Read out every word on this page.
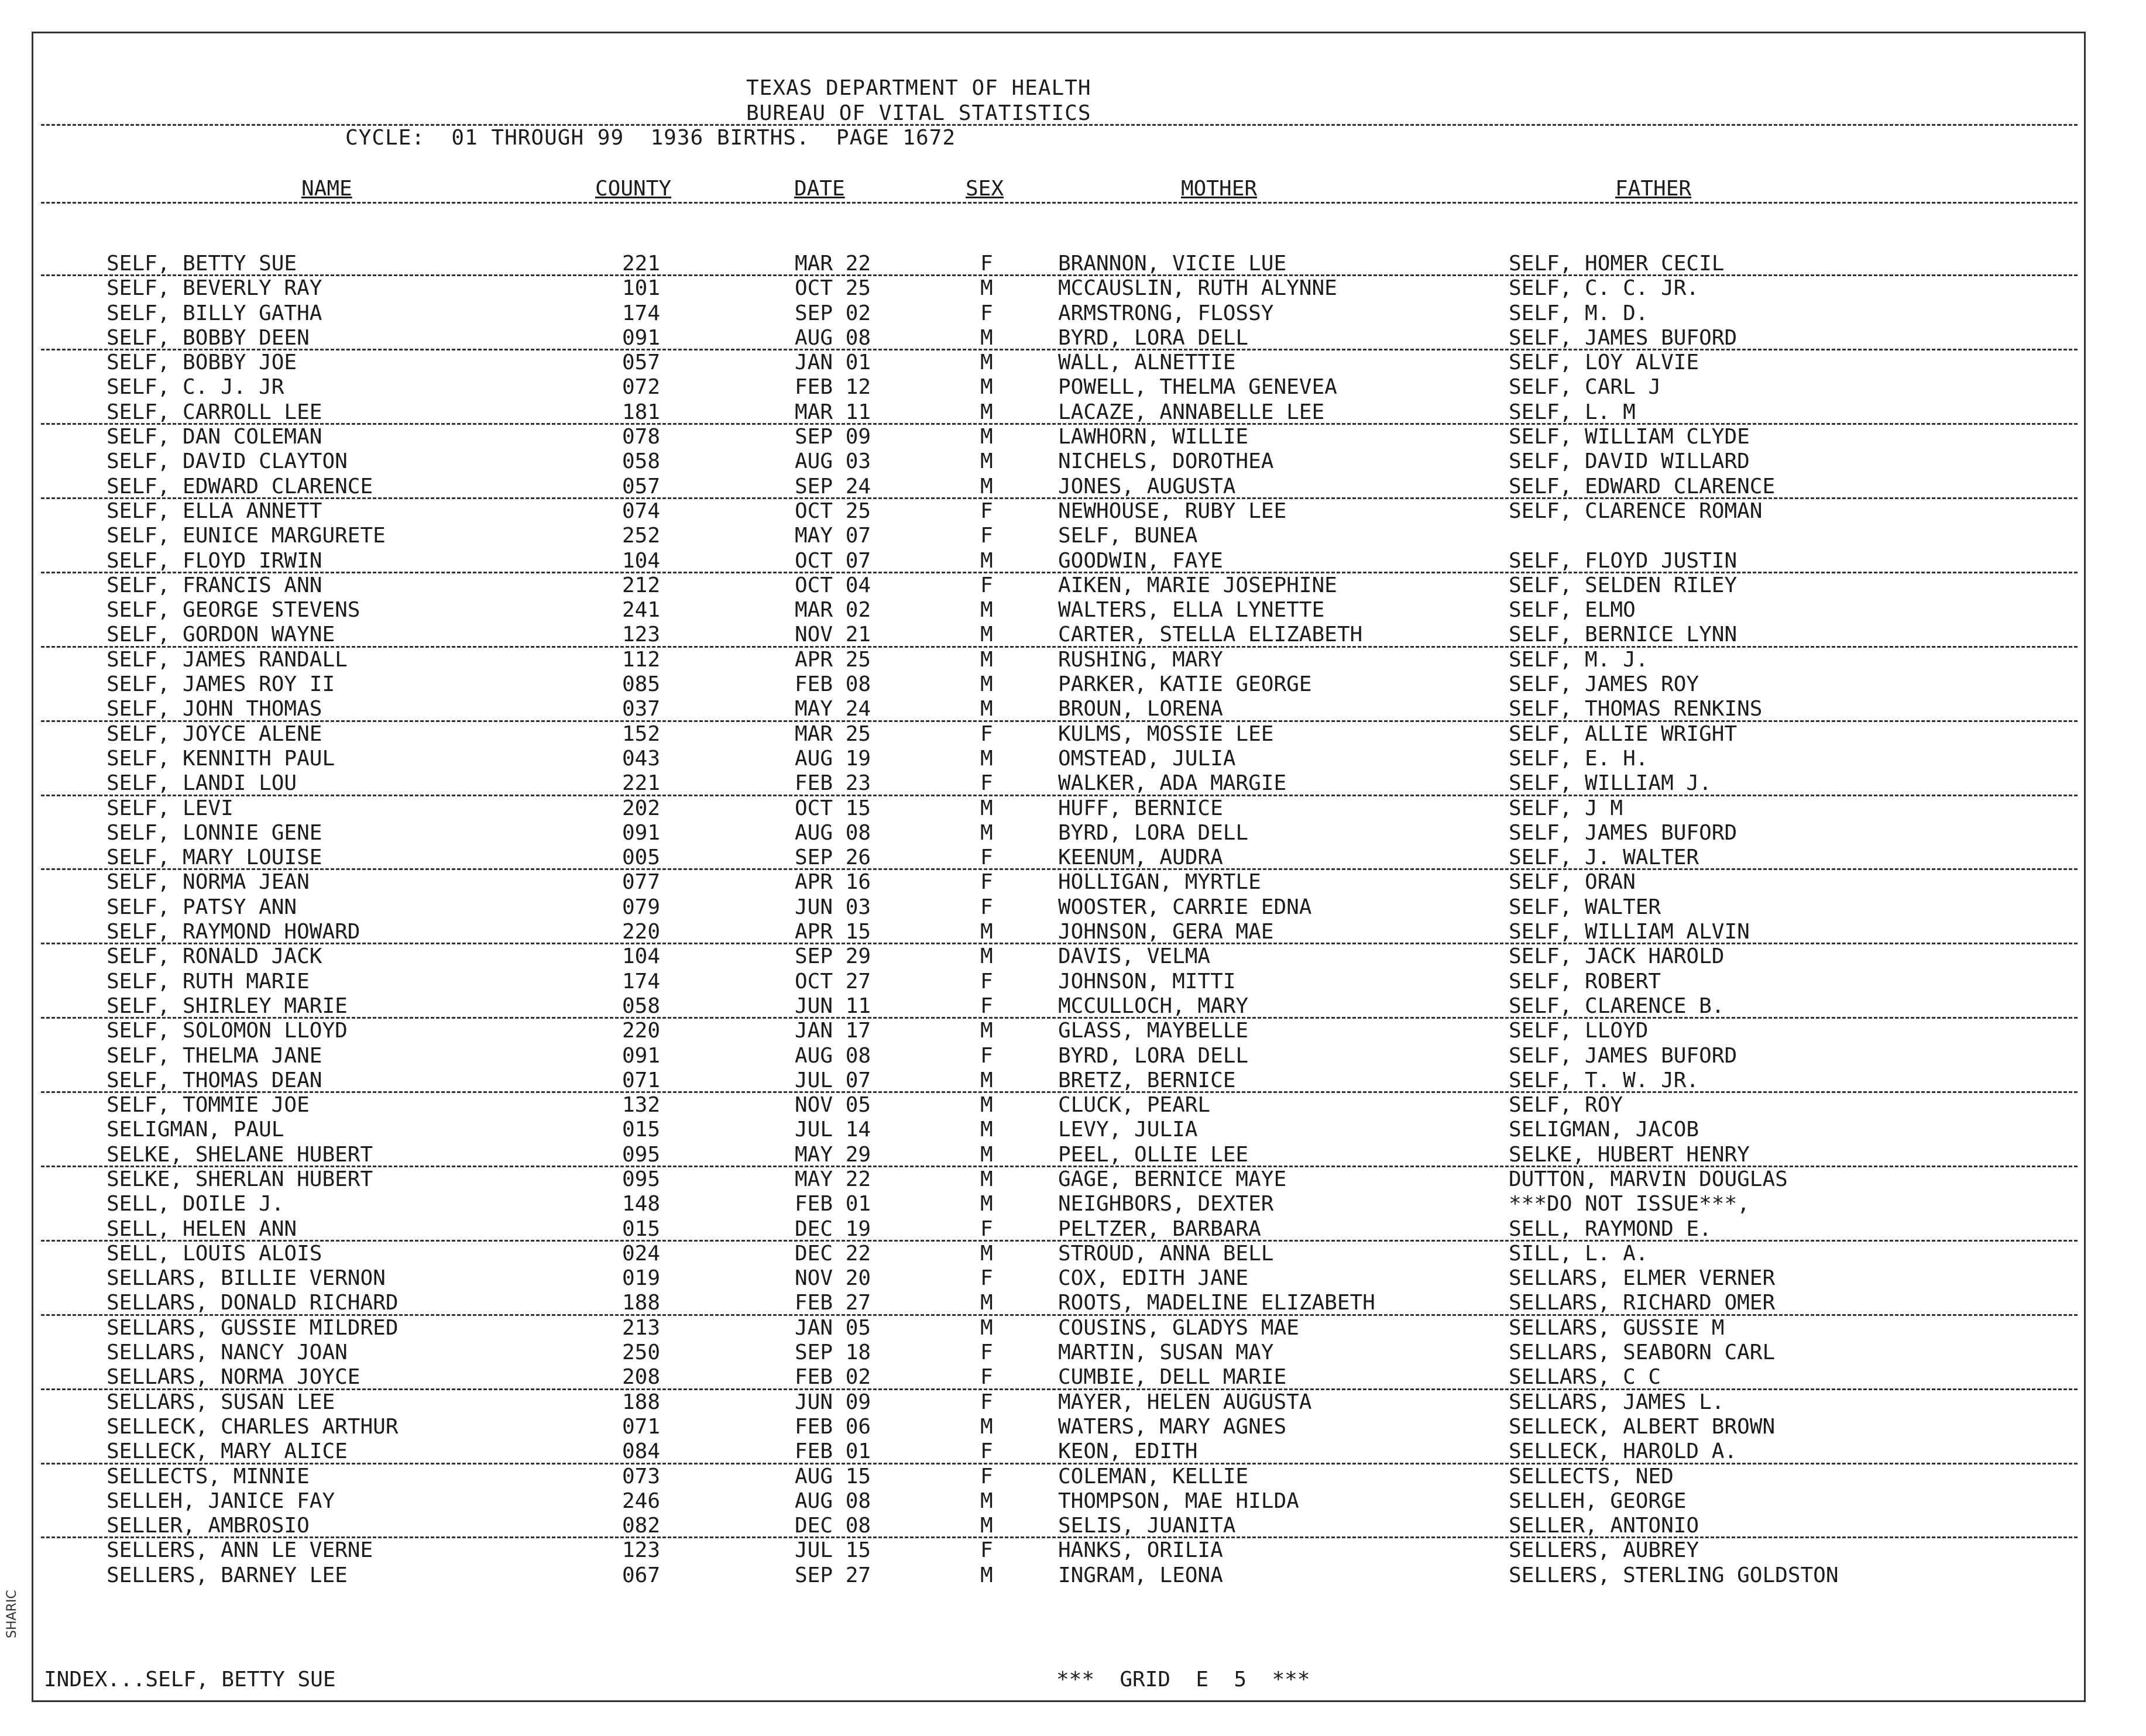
TEXAS DEPARTMENT OF HEALTH
BUREAU OF VITAL STATISTICS
CYCLE:  01 THROUGH 99  1936 BIRTHS.  PAGE 1672
NAME	COUNTY	DATE	SEX	MOTHER	FATHER
SELF, BETTY SUE	221	MAR 22	F	BRANNON, VICIE LUE	SELF, HOMER CECIL
SELF, BEVERLY RAY	101	OCT 25	M	MCCAUSLIN, RUTH ALYNNE	SELF, C. C. JR.
SELF, BILLY GATHA	174	SEP 02	F	ARMSTRONG, FLOSSY	SELF, M. D.
SELF, BOBBY DEEN	091	AUG 08	M	BYRD, LORA DELL	SELF, JAMES BUFORD
SELF, BOBBY JOE	057	JAN 01	M	WALL, ALNETTIE	SELF, LOY ALVIE
SELF, C. J. JR	072	FEB 12	M	POWELL, THELMA GENEVEA	SELF, CARL J
SELF, CARROLL LEE	181	MAR 11	M	LACAZE, ANNABELLE LEE	SELF, L. M
SELF, DAN COLEMAN	078	SEP 09	M	LAWHORN, WILLIE	SELF, WILLIAM CLYDE
SELF, DAVID CLAYTON	058	AUG 03	M	NICHELS, DOROTHEA	SELF, DAVID WILLARD
SELF, EDWARD CLARENCE	057	SEP 24	M	JONES, AUGUSTA	SELF, EDWARD CLARENCE
SELF, ELLA ANNETT	074	OCT 25	F	NEWHOUSE, RUBY LEE	SELF, CLARENCE ROMAN
SELF, EUNICE MARGURETE	252	MAY 07	F	SELF, BUNEA
SELF, FLOYD IRWIN	104	OCT 07	M	GOODWIN, FAYE	SELF, FLOYD JUSTIN
SELF, FRANCIS ANN	212	OCT 04	F	AIKEN, MARIE JOSEPHINE	SELF, SELDEN RILEY
SELF, GEORGE STEVENS	241	MAR 02	M	WALTERS, ELLA LYNETTE	SELF, ELMO
SELF, GORDON WAYNE	123	NOV 21	M	CARTER, STELLA ELIZABETH	SELF, BERNICE LYNN
SELF, JAMES RANDALL	112	APR 25	M	RUSHING, MARY	SELF, M. J.
SELF, JAMES ROY II	085	FEB 08	M	PARKER, KATIE GEORGE	SELF, JAMES ROY
SELF, JOHN THOMAS	037	MAY 24	M	BROUN, LORENA	SELF, THOMAS RENKINS
SELF, JOYCE ALENE	152	MAR 25	F	KULMS, MOSSIE LEE	SELF, ALLIE WRIGHT
SELF, KENNITH PAUL	043	AUG 19	M	OMSTEAD, JULIA	SELF, E. H.
SELF, LANDI LOU	221	FEB 23	F	WALKER, ADA MARGIE	SELF, WILLIAM J.
SELF, LEVI	202	OCT 15	M	HUFF, BERNICE	SELF, J M
SELF, LONNIE GENE	091	AUG 08	M	BYRD, LORA DELL	SELF, JAMES BUFORD
SELF, MARY LOUISE	005	SEP 26	F	KEENUM, AUDRA	SELF, J. WALTER
SELF, NORMA JEAN	077	APR 16	F	HOLLIGAN, MYRTLE	SELF, ORAN
SELF, PATSY ANN	079	JUN 03	F	WOOSTER, CARRIE EDNA	SELF, WALTER
SELF, RAYMOND HOWARD	220	APR 15	M	JOHNSON, GERA MAE	SELF, WILLIAM ALVIN
SELF, RONALD JACK	104	SEP 29	M	DAVIS, VELMA	SELF, JACK HAROLD
SELF, RUTH MARIE	174	OCT 27	F	JOHNSON, MITTI	SELF, ROBERT
SELF, SHIRLEY MARIE	058	JUN 11	F	MCCULLOCH, MARY	SELF, CLARENCE B.
SELF, SOLOMON LLOYD	220	JAN 17	M	GLASS, MAYBELLE	SELF, LLOYD
SELF, THELMA JANE	091	AUG 08	F	BYRD, LORA DELL	SELF, JAMES BUFORD
SELF, THOMAS DEAN	071	JUL 07	M	BRETZ, BERNICE	SELF, T. W. JR.
SELF, TOMMIE JOE	132	NOV 05	M	CLUCK, PEARL	SELF, ROY
SELIGMAN, PAUL	015	JUL 14	M	LEVY, JULIA	SELIGMAN, JACOB
SELKE, SHELANE HUBERT	095	MAY 29	M	PEEL, OLLIE LEE	SELKE, HUBERT HENRY
SELKE, SHERLAN HUBERT	095	MAY 22	M	GAGE, BERNICE MAYE	DUTTON, MARVIN DOUGLAS
SELL, DOILE J.	148	FEB 01	M	NEIGHBORS, DEXTER	***DO NOT ISSUE***,
SELL, HELEN ANN	015	DEC 19	F	PELTZER, BARBARA	SELL, RAYMOND E.
SELL, LOUIS ALOIS	024	DEC 22	M	STROUD, ANNA BELL	SILL, L. A.
SELLARS, BILLIE VERNON	019	NOV 20	F	COX, EDITH JANE	SELLARS, ELMER VERNER
SELLARS, DONALD RICHARD	188	FEB 27	M	ROOTS, MADELINE ELIZABETH	SELLARS, RICHARD OMER
SELLARS, GUSSIE MILDRED	213	JAN 05	M	COUSINS, GLADYS MAE	SELLARS, GUSSIE M
SELLARS, NANCY JOAN	250	SEP 18	F	MARTIN, SUSAN MAY	SELLARS, SEABORN CARL
SELLARS, NORMA JOYCE	208	FEB 02	F	CUMBIE, DELL MARIE	SELLARS, C C
SELLARS, SUSAN LEE	188	JUN 09	F	MAYER, HELEN AUGUSTA	SELLARS, JAMES L.
SELLECK, CHARLES ARTHUR	071	FEB 06	M	WATERS, MARY AGNES	SELLECK, ALBERT BROWN
SELLECK, MARY ALICE	084	FEB 01	F	KEON, EDITH	SELLECK, HAROLD A.
SELLECTS, MINNIE	073	AUG 15	F	COLEMAN, KELLIE	SELLECTS, NED
SELLEH, JANICE FAY	246	AUG 08	M	THOMPSON, MAE HILDA	SELLEH, GEORGE
SELLER, AMBROSIO	082	DEC 08	M	SELIS, JUANITA	SELLER, ANTONIO
SELLERS, ANN LE VERNE	123	JUL 15	F	HANKS, ORILIA	SELLERS, AUBREY
SELLERS, BARNEY LEE	067	SEP 27	M	INGRAM, LEONA	SELLERS, STERLING GOLDSTON
INDEX...SELF, BETTY SUE	***  GRID  E  5  ***
SHARIC
